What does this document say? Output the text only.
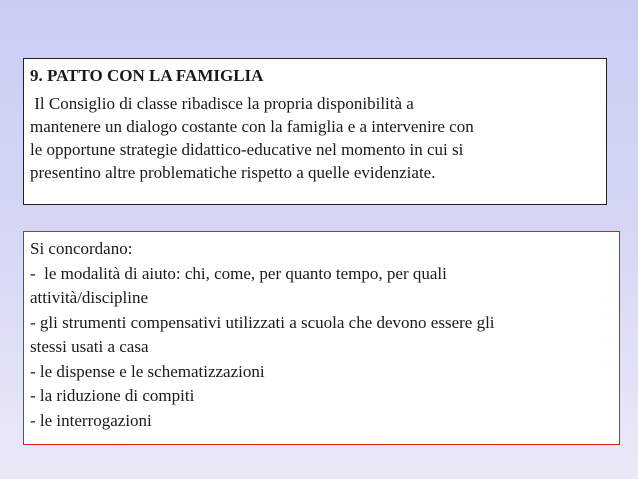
9. PATTO CON LA FAMIGLIA

Il Consiglio di classe ribadisce la propria disponibilità a

mantenere un dialogo costante con la famiglia e a intervenire con

le opportune strategie didattico-educative nel momento in cui si

presentino altre problematiche rispetto a quelle evidenziate.

Si concordano:

-  le modalità di aiuto: chi, come, per quanto tempo, per quali

attività/discipline

- gli strumenti compensativi utilizzati a scuola che devono essere gli

stessi usati a casa

- le dispense e le schematizzazioni

- la riduzione di compiti

- le interrogazioni
